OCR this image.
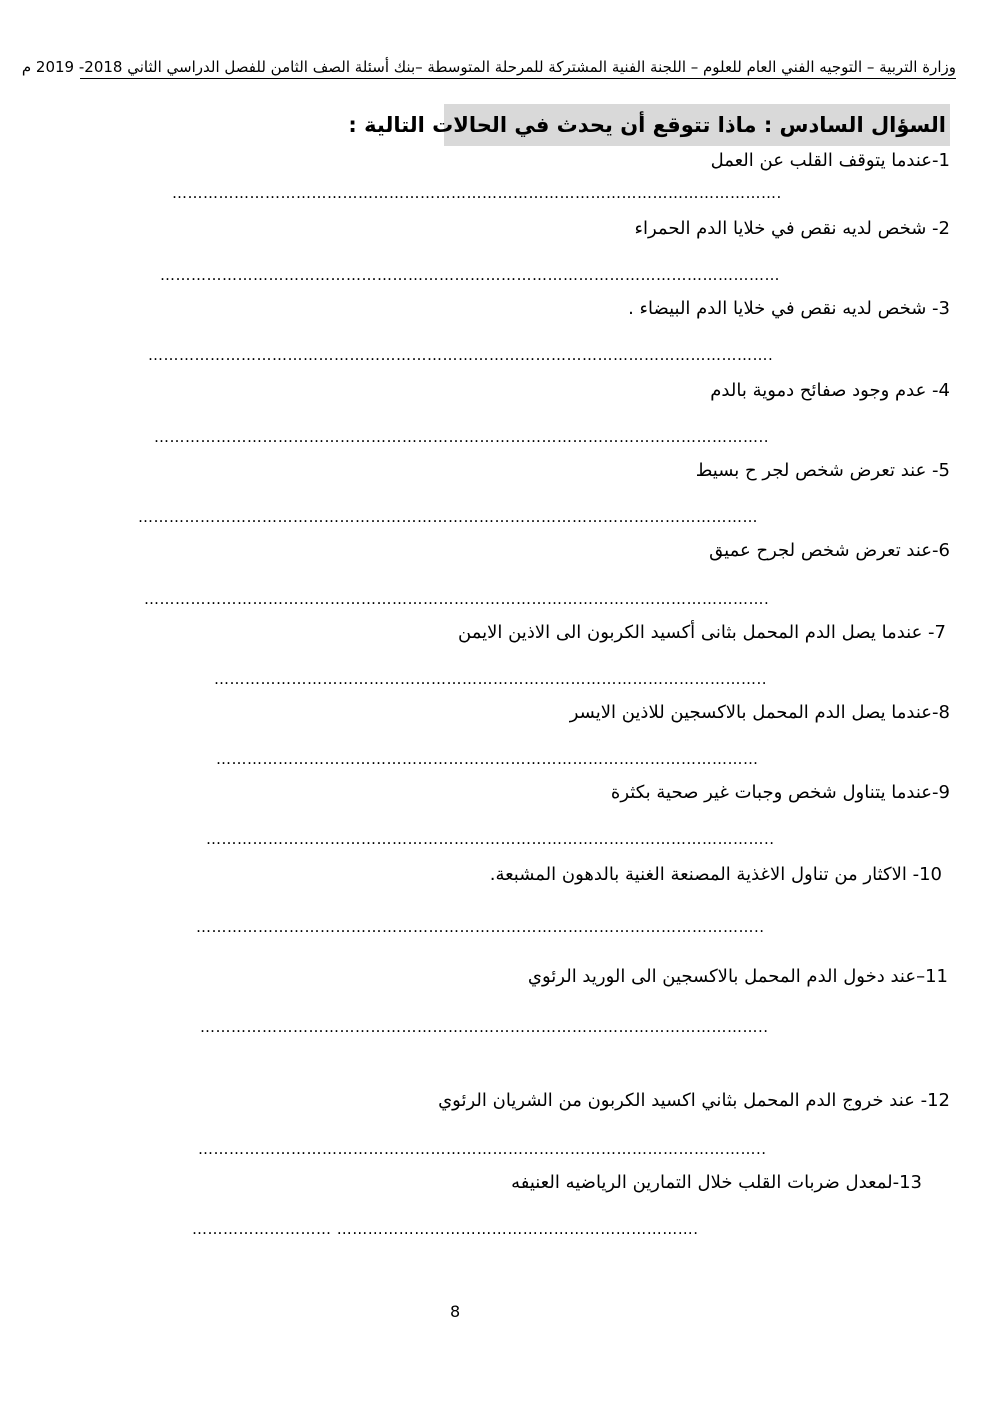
وزارة التربية – التوجيه الفني العام للعلوم – اللجنة الفنية المشتركة للمرحلة المتوسطة –بنك أسئلة الصف الثامن للفصل الدراسي الثاني 2018- 2019 م
السؤال السادس : ماذا تتوقع أن يحدث في الحالات التالية :
1-عندما يتوقف القلب عن العمل
……………………………………………………………………………………………………….
2- شخص لديه نقص في خلايا الدم الحمراء
…………………………………………………………………………………………………………
3- شخص لديه نقص في خلايا الدم البيضاء .
………………………………………………………………………………………………………….
4- عدم وجود صفائح دموية بالدم
………………………………………………………………………………………………………..
5- عند تعرض شخص لجر ح بسيط
…………………………………………………………………………………………………………
6-عند تعرض شخص لجرح عميق
………………………………………………………………………………………………………….
7- عندما يصل الدم المحمل بثانى أكسيد الكربون الى الاذين الايمن
……………………………………………………………………………………………..
8-عندما يصل الدم المحمل بالاكسجين للاذين الايسر
……………………………………………………………………………………………
9-عندما يتناول شخص وجبات غير صحية بكثرة
………………………………………………………………………………………………..
10- الاكثار من تناول الاغذية المصنعة الغنية بالدهون المشبعة.
………………………………………………………………………………………………..
11–عند دخول الدم المحمل بالاكسجين الى الوريد الرئوي
………………………………………………………………………………………………..
12- عند خروج الدم المحمل بثاني اكسيد الكربون من الشريان الرئوي
………………………………………………………………………………………………..
13-لمعدل ضربات القلب خلال التمارين الرياضيه العنيفه
……………………… …………………………………………………………….
8
